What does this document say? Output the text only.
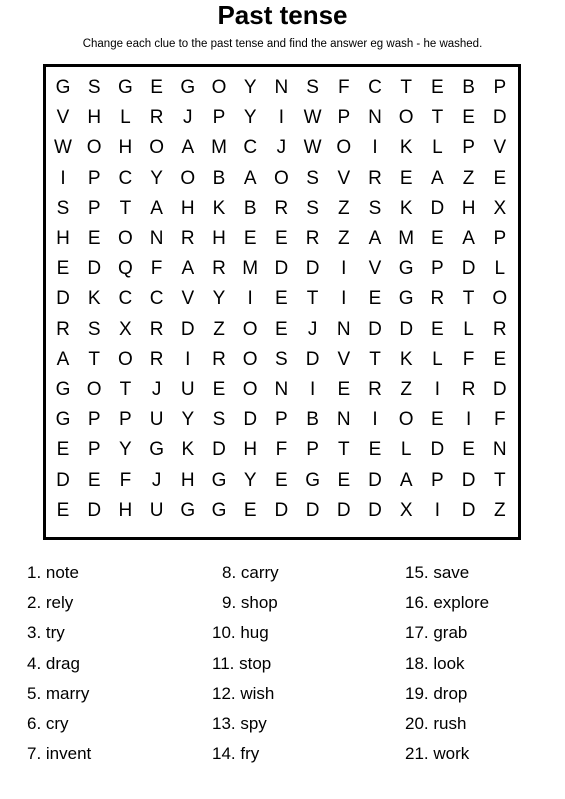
Past tense
Change each clue to the past tense and find the answer eg wash - he washed.
G S G E G O Y N S	F C T	E B P
V H	L	R	J	P Y	I	W P N O T	E D
W O H O A M C	J W O	I	K	L	P V
I	P C Y O B A O S V R E A	Z	E
S P	T	A H K B R S	Z	S K D H X
H E O N R H E E R Z	A M E A P
E D Q F	A R M D D	I	V G P D	L
D K C C V Y	I	E	T	I	E G R T O
R S X R D Z O E	J	N D D E	L	R
A	T O R	I	R O S D V	T	K	L	F	E
G O T	J	U E O N	I	E R Z	I	R D
G P P U Y S D P B N	I	O E	I	F
E P Y G K D H F	P	T	E	L	D E N
D E	F	J	H G Y E G E D A P D T
E D H U G G E D D D D X	I	D Z
1. note	8. carry	15. save
2. rely	9. shop	16. explore
3. try	10. hug	17. grab
4. drag	11. stop	18. look
5. marry	12. wish	19. drop
6. cry	13. spy	20. rush
7. invent	14. fry	21. work
